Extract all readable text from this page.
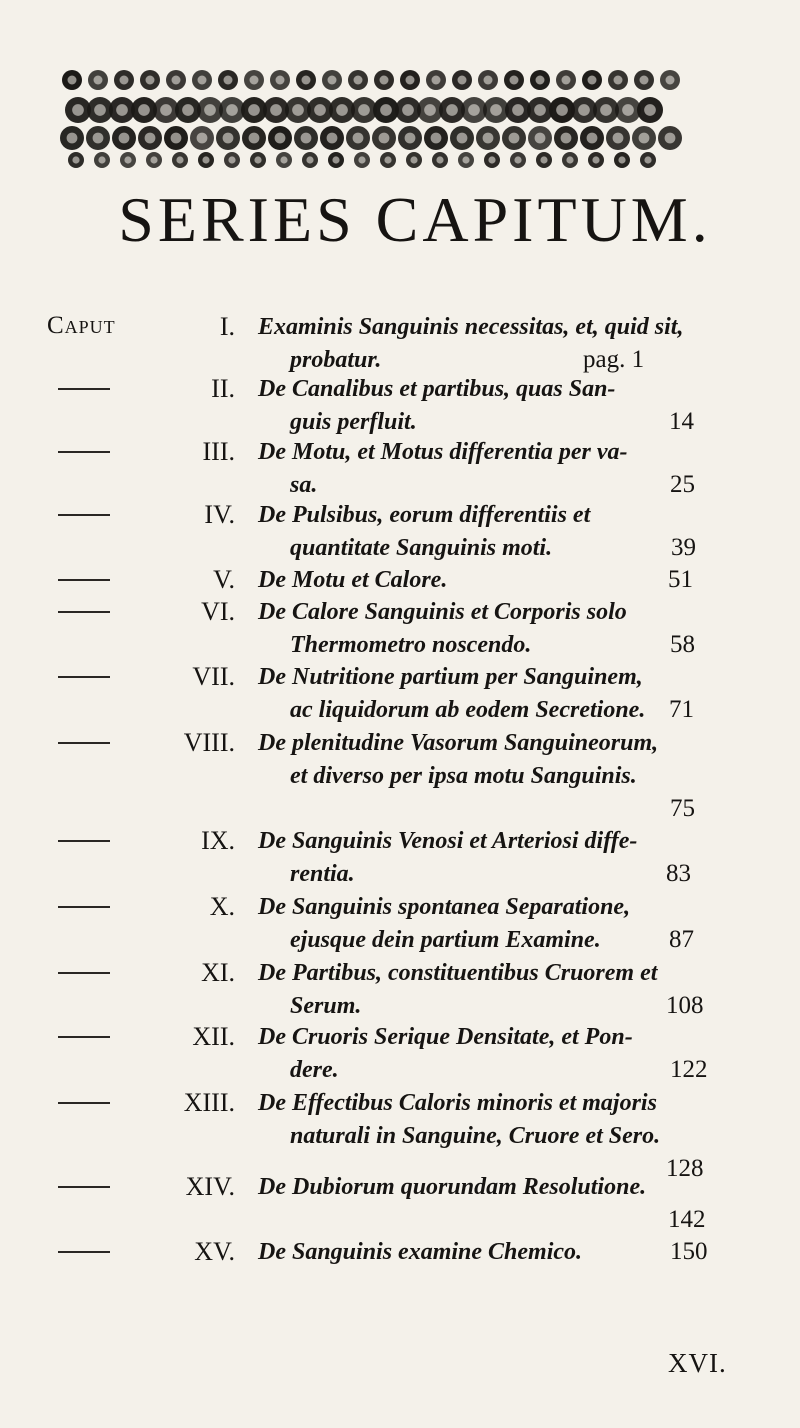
SERIES CAPITUM.
Caput	I. Examinis Sanguinis necessitas, et, quid sit,
probatur.	pag. 1
II. De Canalibus et partibus, quas San-
guis perfluit.	14
III. De Motu, et Motus differentia per va-
sa.	25
IV. De Pulsibus, eorum differentiis et
quantitate Sanguinis moti.	39
V. De Motu et Calore.	51
VI. De Calore Sanguinis et Corporis solo
Thermometro noscendo.	58
VII. De Nutritione partium per Sanguinem,
ac liquidorum ab eodem Secretione. 71
VIII. De plenitudine Vasorum Sanguineorum,
et diverso per ipsa motu Sanguinis.
75
IX. De Sanguinis Venosi et Arteriosi diffe-
rentia.	83
X. De Sanguinis spontanea Separatione,
ejusque dein partium Examine.	87
XI. De Partibus, constituentibus Cruorem et
Serum.	108
XII. De Cruoris Serique Densitate, et Pon-
dere.	122
XIII. De Effectibus Caloris minoris et majoris
naturali in Sanguine, Cruore et Sero.
128
XIV. De Dubiorum quorundam Resolutione.
142
XV. De Sanguinis examine Chemico.	150
XVI.
